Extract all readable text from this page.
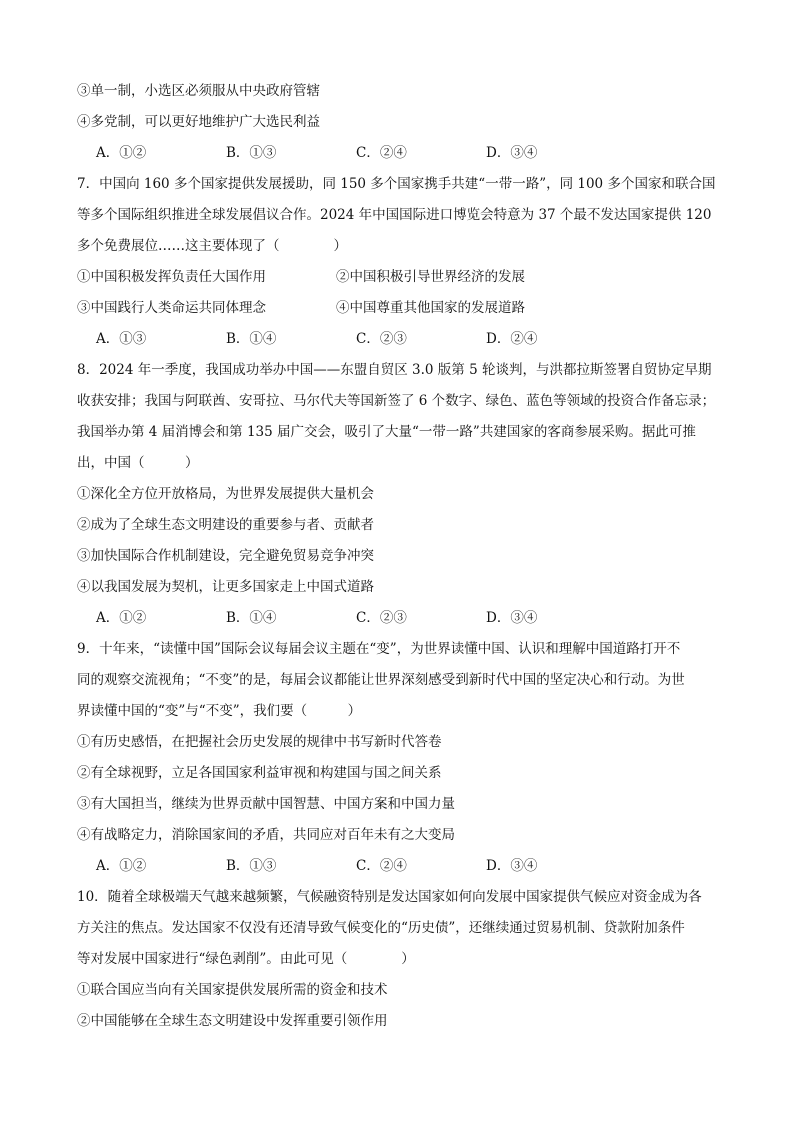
③单一制，小选区必须服从中央政府管辖
④多党制，可以更好地维护广大选民利益
A．①②	B．①③	C．②④	D．③④
7．中国向 160 多个国家提供发展援助，同 150 多个国家携手共建“一带一路”，同 100 多个国家和联合国
等多个国际组织推进全球发展倡议合作。2024 年中国国际进口博览会特意为 37 个最不发达国家提供 120
多个免费展位……这主要体现了（　　　　）
①中国积极发挥负责任大国作用	②中国积极引导世界经济的发展
③中国践行人类命运共同体理念	④中国尊重其他国家的发展道路
A．①③	B．①④	C．②③	D．②④
8．2024 年一季度，我国成功举办中国——东盟自贸区 3.0 版第 5 轮谈判，与洪都拉斯签署自贸协定早期
收获安排；我国与阿联酋、安哥拉、马尔代夫等国新签了 6 个数字、绿色、蓝色等领域的投资合作备忘录；
我国举办第 4 届消博会和第 135 届广交会，吸引了大量“一带一路”共建国家的客商参展采购。据此可推
出，中国（　　　）
①深化全方位开放格局，为世界发展提供大量机会
②成为了全球生态文明建设的重要参与者、贡献者
③加快国际合作机制建设，完全避免贸易竞争冲突
④以我国发展为契机，让更多国家走上中国式道路
A．①②	B．①④	C．②③	D．③④
9．十年来，“读懂中国”国际会议每届会议主题在“变”，为世界读懂中国、认识和理解中国道路打开不
同的观察交流视角；“不变”的是，每届会议都能让世界深刻感受到新时代中国的坚定决心和行动。为世
界读懂中国的“变”与“不变”，我们要（　　　）
①有历史感悟，在把握社会历史发展的规律中书写新时代答卷
②有全球视野，立足各国国家利益审视和构建国与国之间关系
③有大国担当，继续为世界贡献中国智慧、中国方案和中国力量
④有战略定力，消除国家间的矛盾，共同应对百年未有之大变局
A．①②	B．①③	C．②④	D．③④
10．随着全球极端天气越来越频繁，气候融资特别是发达国家如何向发展中国家提供气候应对资金成为各
方关注的焦点。发达国家不仅没有还清导致气候变化的“历史债”，还继续通过贸易机制、贷款附加条件
等对发展中国家进行“绿色剥削”。由此可见（　　　　）
①联合国应当向有关国家提供发展所需的资金和技术
②中国能够在全球生态文明建设中发挥重要引领作用
